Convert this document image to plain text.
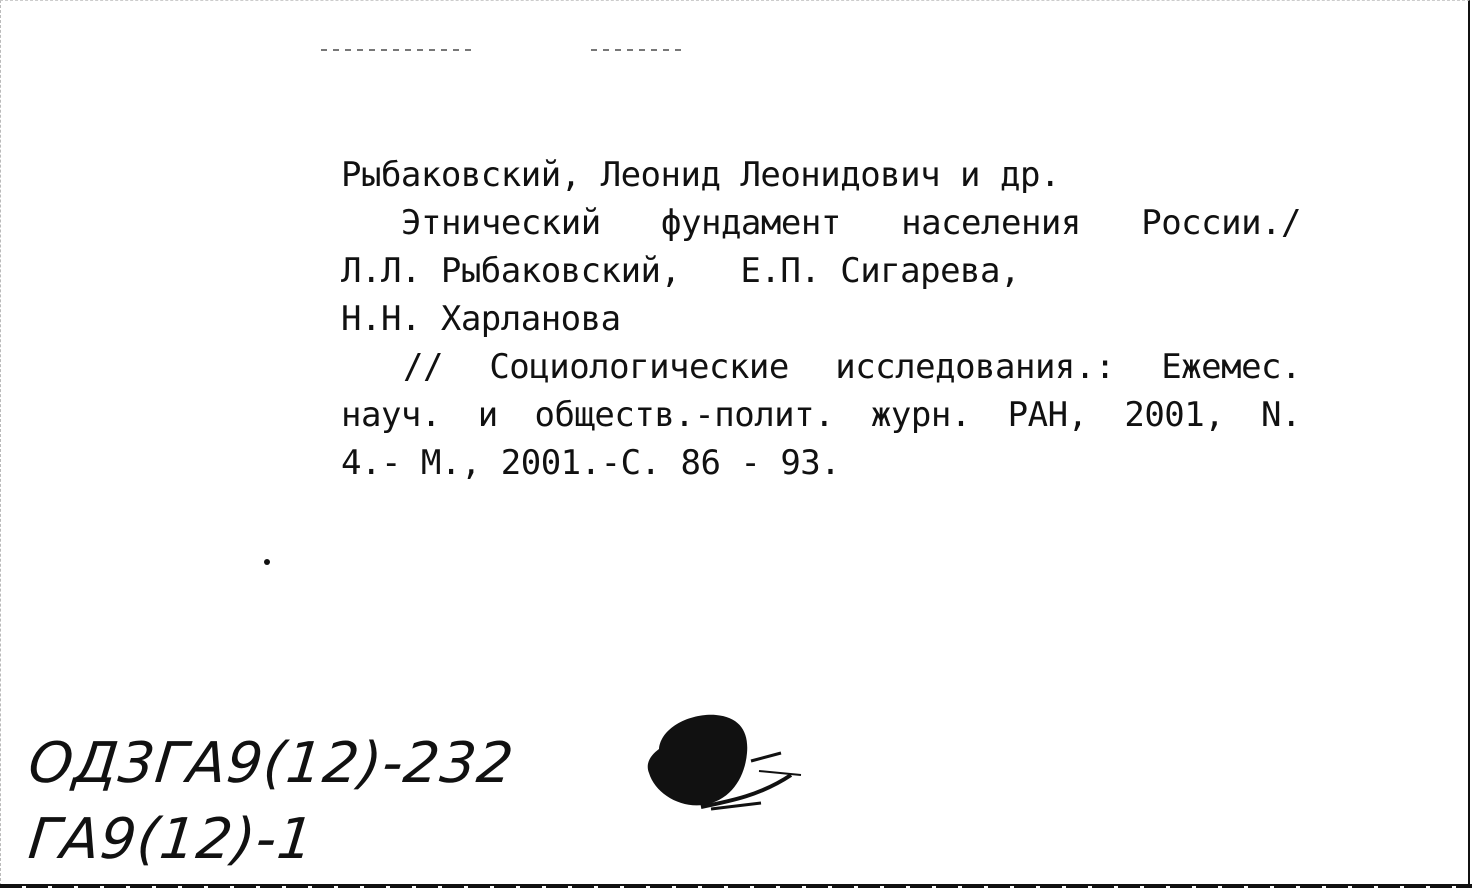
Рыбаковский, Леонид Леонидович и др.
Этнический фундамент населения России./
Л.Л. Рыбаковский,   Е.П. Сигарева,
Н.Н. Харланова
// Социологические исследования.: Ежемес.
науч. и обществ.-полит. журн. РАН, 2001, N.
4.- М., 2001.-С. 86 - 93.
ОД3ГА9(12)-232
ГА9(12)-1
